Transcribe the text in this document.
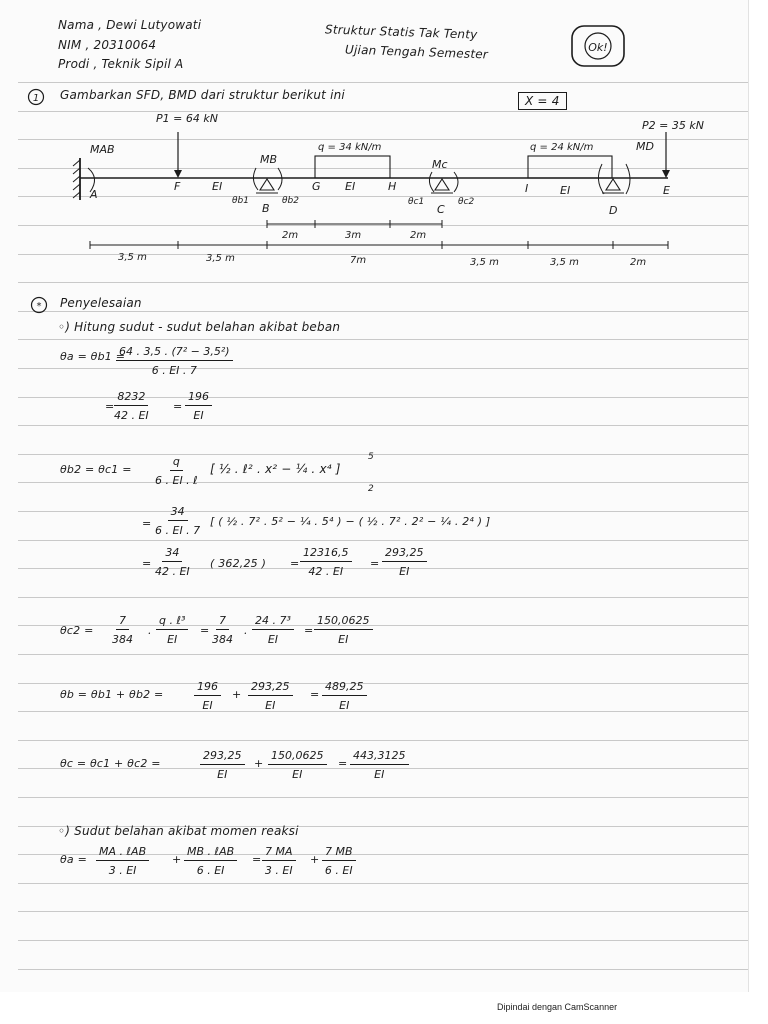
Nama , Dewi Lutyowati
NIM , 20310064
Prodi , Teknik Sipil A
Struktur Statis Tak Tenty
Ujian Tengah Semester	Ok!
1 Gambarkan SFD, BMD dari struktur berikut ini	X = 4
P1 = 64 kN
P2 = 35 kN
q = 34 kN/m	q = 24 kN/m
MAB
MB	Mc
MD
A
F
B
G	H
C
I
D
E
EI	EI	EI
θb1	θb2	θc1	θc2
2m	3m	2m
3,5 m	3,5 m	7m	3,5 m	3,5 m	2m
* Penyelesaian
◦) Hitung sudut - sudut belahan akibat beban
θa = θb1 =
$\frac{\text{64 . 3,5 . (7² − 3,5²)}}{6 . EI . 7}$
= $\frac{8232}{42 . EI} = \frac{196}{EI}$
θb2 = θc1 =
q
6 . EI . ℓ
[ ½ . ℓ² . x² − ¼ . x⁴ ]
5
2
= $\frac{34}{6 . EI . 7}$ [ ( ½ . 7² . 5² − ¼ . 5⁴ ) − ( ½ . 7² . 2² − ¼ . 2⁴ ) ]
= $\frac{34}{42 . EI}$ ( 362,25 ) = $\frac{12316,5}{42 . EI} = \frac{293,25}{EI}$
$\theta c2 = \frac{7}{384}$ .
q . ℓ³
EI
= $\frac{7}{384}$ . $\frac{\text{24 . 7³}}{EI} = \frac{150,0625}{EI}$
θb = θb1 + θb2 =	$\frac{196}{EI} + \frac{293,25}{EI} = \frac{489,25}{EI}$
θc = θc1 + θc2 =	$\frac{293,25}{EI} + \frac{150,0625}{EI} = \frac{443,3125}{EI}$
◦) Sudut belahan akibat momen reaksi
θa =
MA . ℓAB
3 . EI
+
MB . ℓAB
6 . EI
= $\frac{7 MA}{3 . EI} + \frac{7 MB}{6 . EI}$
Dipindai dengan CamScanner
